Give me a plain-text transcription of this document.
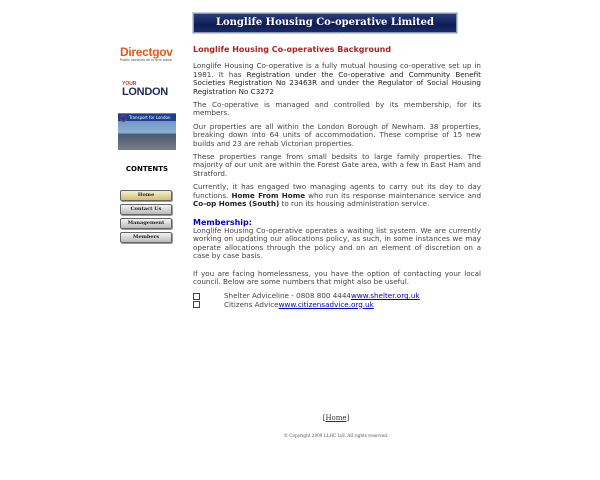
Longlife Housing Co-operative Limited
Directgov
Public services all in one place
YOUR
LONDON
Transport for London
CONTENTS
Home
Contact Us
Management
Members
Longlife Housing Co-operatives Background

Longlife Housing Co-operative is a fully mutual housing co-operative set up in 1981. It has Registration under the Co-operative and Community Benefit Societies Registration No 23463R and under the Regulator of Social Housing Registration No C3272

The Co-operative is managed and controlled by its membership, for its members.

Our properties are all within the London Borough of Newham. 38 properties, breaking down into 64 units of accommodation. These comprise of 15 new builds and 23 are rehab Victorian properties.

These properties range from small bedsits to large family properties. The majority of our unit are within the Forest Gate area, with a few in East Ham and Stratford.

Currently, it has engaged two managing agents to carry out its day to day functions. Home From Home who run its response maintenance service and Co-op Homes (South) to run its housing administration service.

Membership:

Longlife Housing Co-operative operates a waiting list system. We are currently working on updating our allocations policy, as such, in some instances we may operate allocations through the policy and on an element of discretion on a case by case basis.

If you are facing homelessness, you have the option of contacting your local council. Below are some numbers that might also be useful.

Shelter Adviceline - 0808 800 4444 www.shelter.org.uk
Citizens Advice www.citizensadvice.org.uk
[Home]
© Copyright 2009 LLHC Ltd. All rights reserved.
